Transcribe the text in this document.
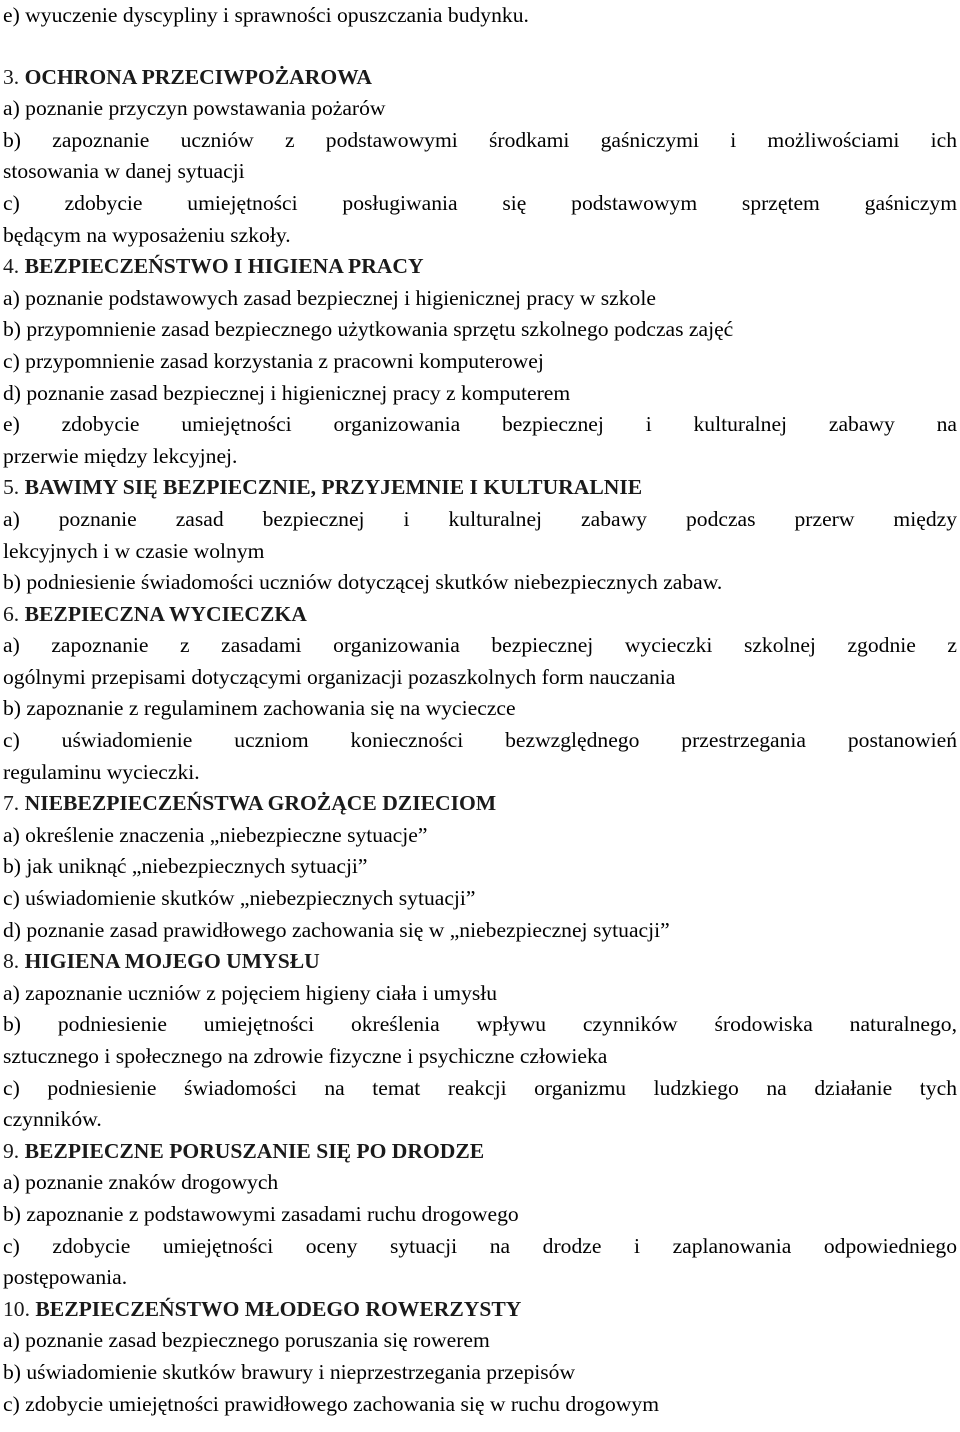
e) wyuczenie dyscypliny i sprawności opuszczania budynku.
3. OCHRONA PRZECIWPOŻAROWA
a) poznanie przyczyn powstawania pożarów
b) zapoznanie uczniów z podstawowymi środkami gaśniczymi i możliwościami ich
stosowania w danej sytuacji
c) zdobycie umiejętności posługiwania się podstawowym sprzętem gaśniczym
będącym na wyposażeniu szkoły.
4. BEZPIECZEŃSTWO I HIGIENA PRACY
a) poznanie podstawowych zasad bezpiecznej i higienicznej pracy w szkole
b) przypomnienie zasad bezpiecznego użytkowania sprzętu szkolnego podczas zajęć
c) przypomnienie zasad korzystania z pracowni komputerowej
d) poznanie zasad bezpiecznej i higienicznej pracy z komputerem
e) zdobycie umiejętności organizowania bezpiecznej i kulturalnej zabawy na
przerwie między lekcyjnej.
5. BAWIMY SIĘ BEZPIECZNIE, PRZYJEMNIE I KULTURALNIE
a) poznanie zasad bezpiecznej i kulturalnej zabawy podczas przerw między
lekcyjnych i w czasie wolnym
b) podniesienie świadomości uczniów dotyczącej skutków niebezpiecznych zabaw.
6. BEZPIECZNA WYCIECZKA
a) zapoznanie z zasadami organizowania bezpiecznej wycieczki szkolnej zgodnie z
ogólnymi przepisami dotyczącymi organizacji pozaszkolnych form nauczania
b) zapoznanie z regulaminem zachowania się na wycieczce
c) uświadomienie uczniom konieczności bezwzględnego przestrzegania postanowień
regulaminu wycieczki.
7. NIEBEZPIECZEŃSTWA GROŻĄCE DZIECIOM
a) określenie znaczenia „niebezpieczne sytuacje”
b) jak uniknąć „niebezpiecznych sytuacji”
c) uświadomienie skutków „niebezpiecznych sytuacji”
d) poznanie zasad prawidłowego zachowania się w „niebezpiecznej sytuacji”
8. HIGIENA MOJEGO UMYSŁU
a) zapoznanie uczniów z pojęciem higieny ciała i umysłu
b) podniesienie umiejętności określenia wpływu czynników środowiska naturalnego,
sztucznego i społecznego na zdrowie fizyczne i psychiczne człowieka
c) podniesienie świadomości na temat reakcji organizmu ludzkiego na działanie tych
czynników.
9. BEZPIECZNE PORUSZANIE SIĘ PO DRODZE
a) poznanie znaków drogowych
b) zapoznanie z podstawowymi zasadami ruchu drogowego
c) zdobycie umiejętności oceny sytuacji na drodze i zaplanowania odpowiedniego
postępowania.
10. BEZPIECZEŃSTWO MŁODEGO ROWERZYSTY
a) poznanie zasad bezpiecznego poruszania się rowerem
b) uświadomienie skutków brawury i nieprzestrzegania przepisów
c) zdobycie umiejętności prawidłowego zachowania się w ruchu drogowym
